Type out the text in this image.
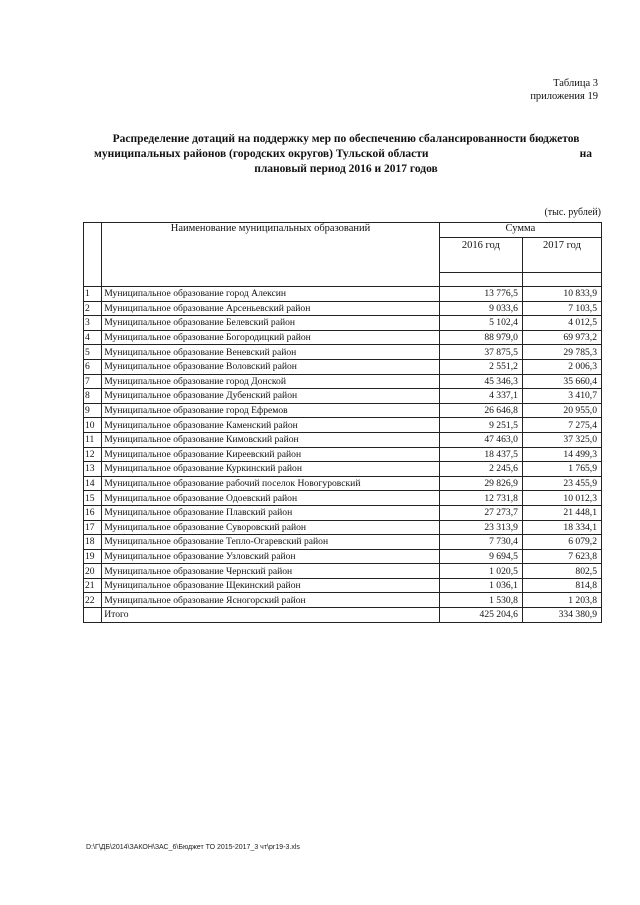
Таблица 3
приложения 19
Распределение дотаций на поддержку мер по обеспечению сбалансированности бюджетов
муниципальных районов (городских округов) Тульской области	на
плановый период 2016 и 2017 годов
(тыс. рублей)
	Наименование муниципальных образований	Сумма	
		2016 год	2017 год

1	Муниципальное образование город Алексин	13 776,5	10 833,9
2	Муниципальное образование Арсеньевский район	9 033,6	7 103,5
3	Муниципальное образование Белевский район	5 102,4	4 012,5
4	Муниципальное образование Богородицкий район	88 979,0	69 973,2
5	Муниципальное образование Веневский район	37 875,5	29 785,3
6	Муниципальное образование Воловский район	2 551,2	2 006,3
7	Муниципальное образование город Донской	45 346,3	35 660,4
8	Муниципальное образование Дубенский район	4 337,1	3 410,7
9	Муниципальное образование город Ефремов	26 646,8	20 955,0
10	Муниципальное образование Каменский район	9 251,5	7 275,4
11	Муниципальное образование Кимовский район	47 463,0	37 325,0
12	Муниципальное образование Киреевский район	18 437,5	14 499,3
13	Муниципальное образование Куркинский район	2 245,6	1 765,9
14	Муниципальное образование рабочий поселок Новогуровский	29 826,9	23 455,9
15	Муниципальное образование Одоевский район	12 731,8	10 012,3
16	Муниципальное образование Плавский район	27 273,7	21 448,1
17	Муниципальное образование Суворовский район	23 313,9	18 334,1
18	Муниципальное образование Тепло-Огаревский район	7 730,4	6 079,2
19	Муниципальное образование Узловский район	9 694,5	7 623,8
20	Муниципальное образование Чернский район	1 020,5	802,5
21	Муниципальное образование Щекинский район	1 036,1	814,8
22	Муниципальное образование Ясногорский район	1 530,8	1 203,8
	Итого	425 204,6	334 380,9
D:\Г\ДБ\2014\ЗАКОН\ЗАС_6\Бюджет ТО 2015-2017_3 чт\рг19-3.xls
